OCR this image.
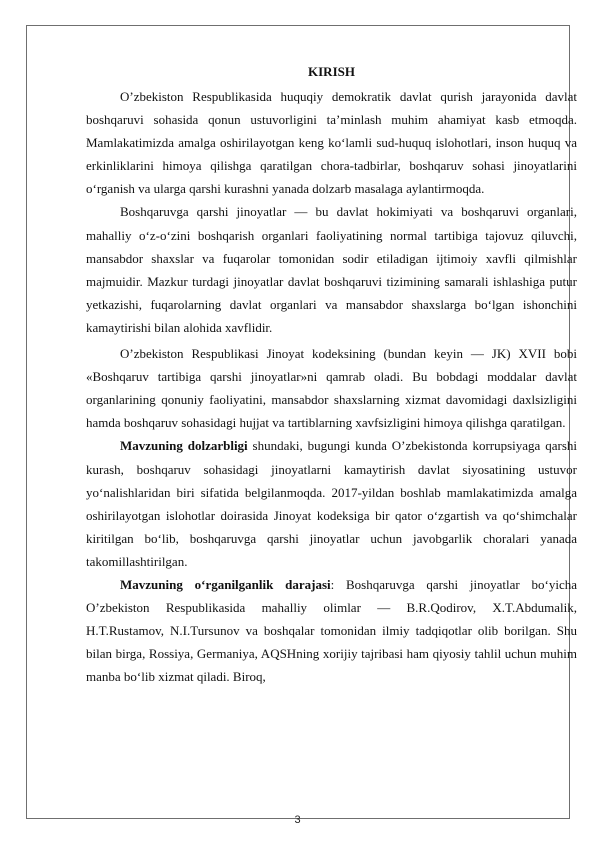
KIRISH

O’zbekiston Respublikasida huquqiy demokratik davlat qurish jarayonida davlat boshqaruvi sohasida qonun ustuvorligini ta’minlash muhim ahamiyat kasb etmoqda. Mamlakatimizda amalga oshirilayotgan keng ko‘lamli sud-huquq islohotlari, inson huquq va erkinliklarini himoya qilishga qaratilgan chora-tadbirlar, boshqaruv sohasi jinoyatlarini o‘rganish va ularga qarshi kurashni yanada dolzarb masalaga aylantirmoqda.

Boshqaruvga qarshi jinoyatlar — bu davlat hokimiyati va boshqaruvi organlari, mahalliy o‘z-o‘zini boshqarish organlari faoliyatining normal tartibiga tajovuz qiluvchi, mansabdor shaxslar va fuqarolar tomonidan sodir etiladigan ijtimoiy xavfli qilmishlar majmuidir. Mazkur turdagi jinoyatlar davlat boshqaruvi tizimining samarali ishlashiga putur yetkazishi, fuqarolarning davlat organlari va mansabdor shaxslarga bo‘lgan ishonchini kamaytirishi bilan alohida xavflidir.

O’zbekiston Respublikasi Jinoyat kodeksining (bundan keyin — JK) XVII bobi «Boshqaruv tartibiga qarshi jinoyatlar»ni qamrab oladi. Bu bobdagi moddalar davlat organlarining qonuniy faoliyatini, mansabdor shaxslarning xizmat davomidagi daxlsizligini hamda boshqaruv sohasidagi hujjat va tartiblarning xavfsizligini himoya qilishga qaratilgan.

Mavzuning dolzarbligi shundaki, bugungi kunda O’zbekistonda korrupsiyaga qarshi kurash, boshqaruv sohasidagi jinoyatlarni kamaytirish davlat siyosatining ustuvor yo‘nalishlaridan biri sifatida belgilanmoqda. 2017-yildan boshlab mamlakatimizda amalga oshirilayotgan islohotlar doirasida Jinoyat kodeksiga bir qator o‘zgartish va qo‘shimchalar kiritilgan bo‘lib, boshqaruvga qarshi jinoyatlar uchun javobgarlik choralari yanada takomillashtirilgan.

Mavzuning o‘rganilganlik darajasi: Boshqaruvga qarshi jinoyatlar bo‘yicha O’zbekiston Respublikasida mahalliy olimlar — B.R.Qodirov, X.T.Abdumalik, H.T.Rustamov, N.I.Tursunov va boshqalar tomonidan ilmiy tadqiqotlar olib borilgan. Shu bilan birga, Rossiya, Germaniya, AQSHning xorijiy tajribasi ham qiyosiy tahlil uchun muhim manba bo‘lib xizmat qiladi. Biroq,

3
